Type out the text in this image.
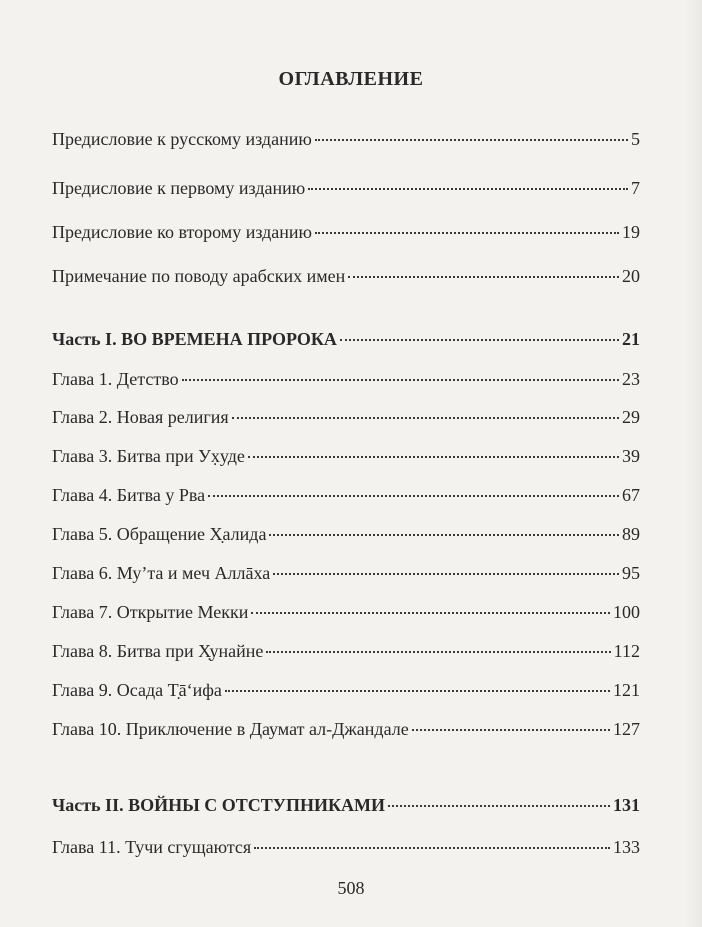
ОГЛАВЛЕНИЕ
Предисловие к русскому изданию	5
Предисловие к первому изданию	7
Предисловие ко второму изданию	19
Примечание по поводу арабских имен	20
Часть I. ВО ВРЕМЕНА ПРОРОКА	21
Глава 1. Детство	23
Глава 2. Новая религия	29
Глава 3. Битва при Уx̣уде	39
Глава 4. Битва у Рва	67
Глава 5. Обращение Х̣алида	89
Глава 6. Му’та и меч Аллāха	95
Глава 7. Открытие Мекки	100
Глава 8. Битва при Х̣унайне	112
Глава 9. Осада Т̣ā‘ифа	121
Глава 10. Приключение в Даумат ал-Джандале	127
Часть II. ВОЙНЫ С ОТСТУПНИКАМИ	131
Глава 11. Тучи сгущаются	133
508
